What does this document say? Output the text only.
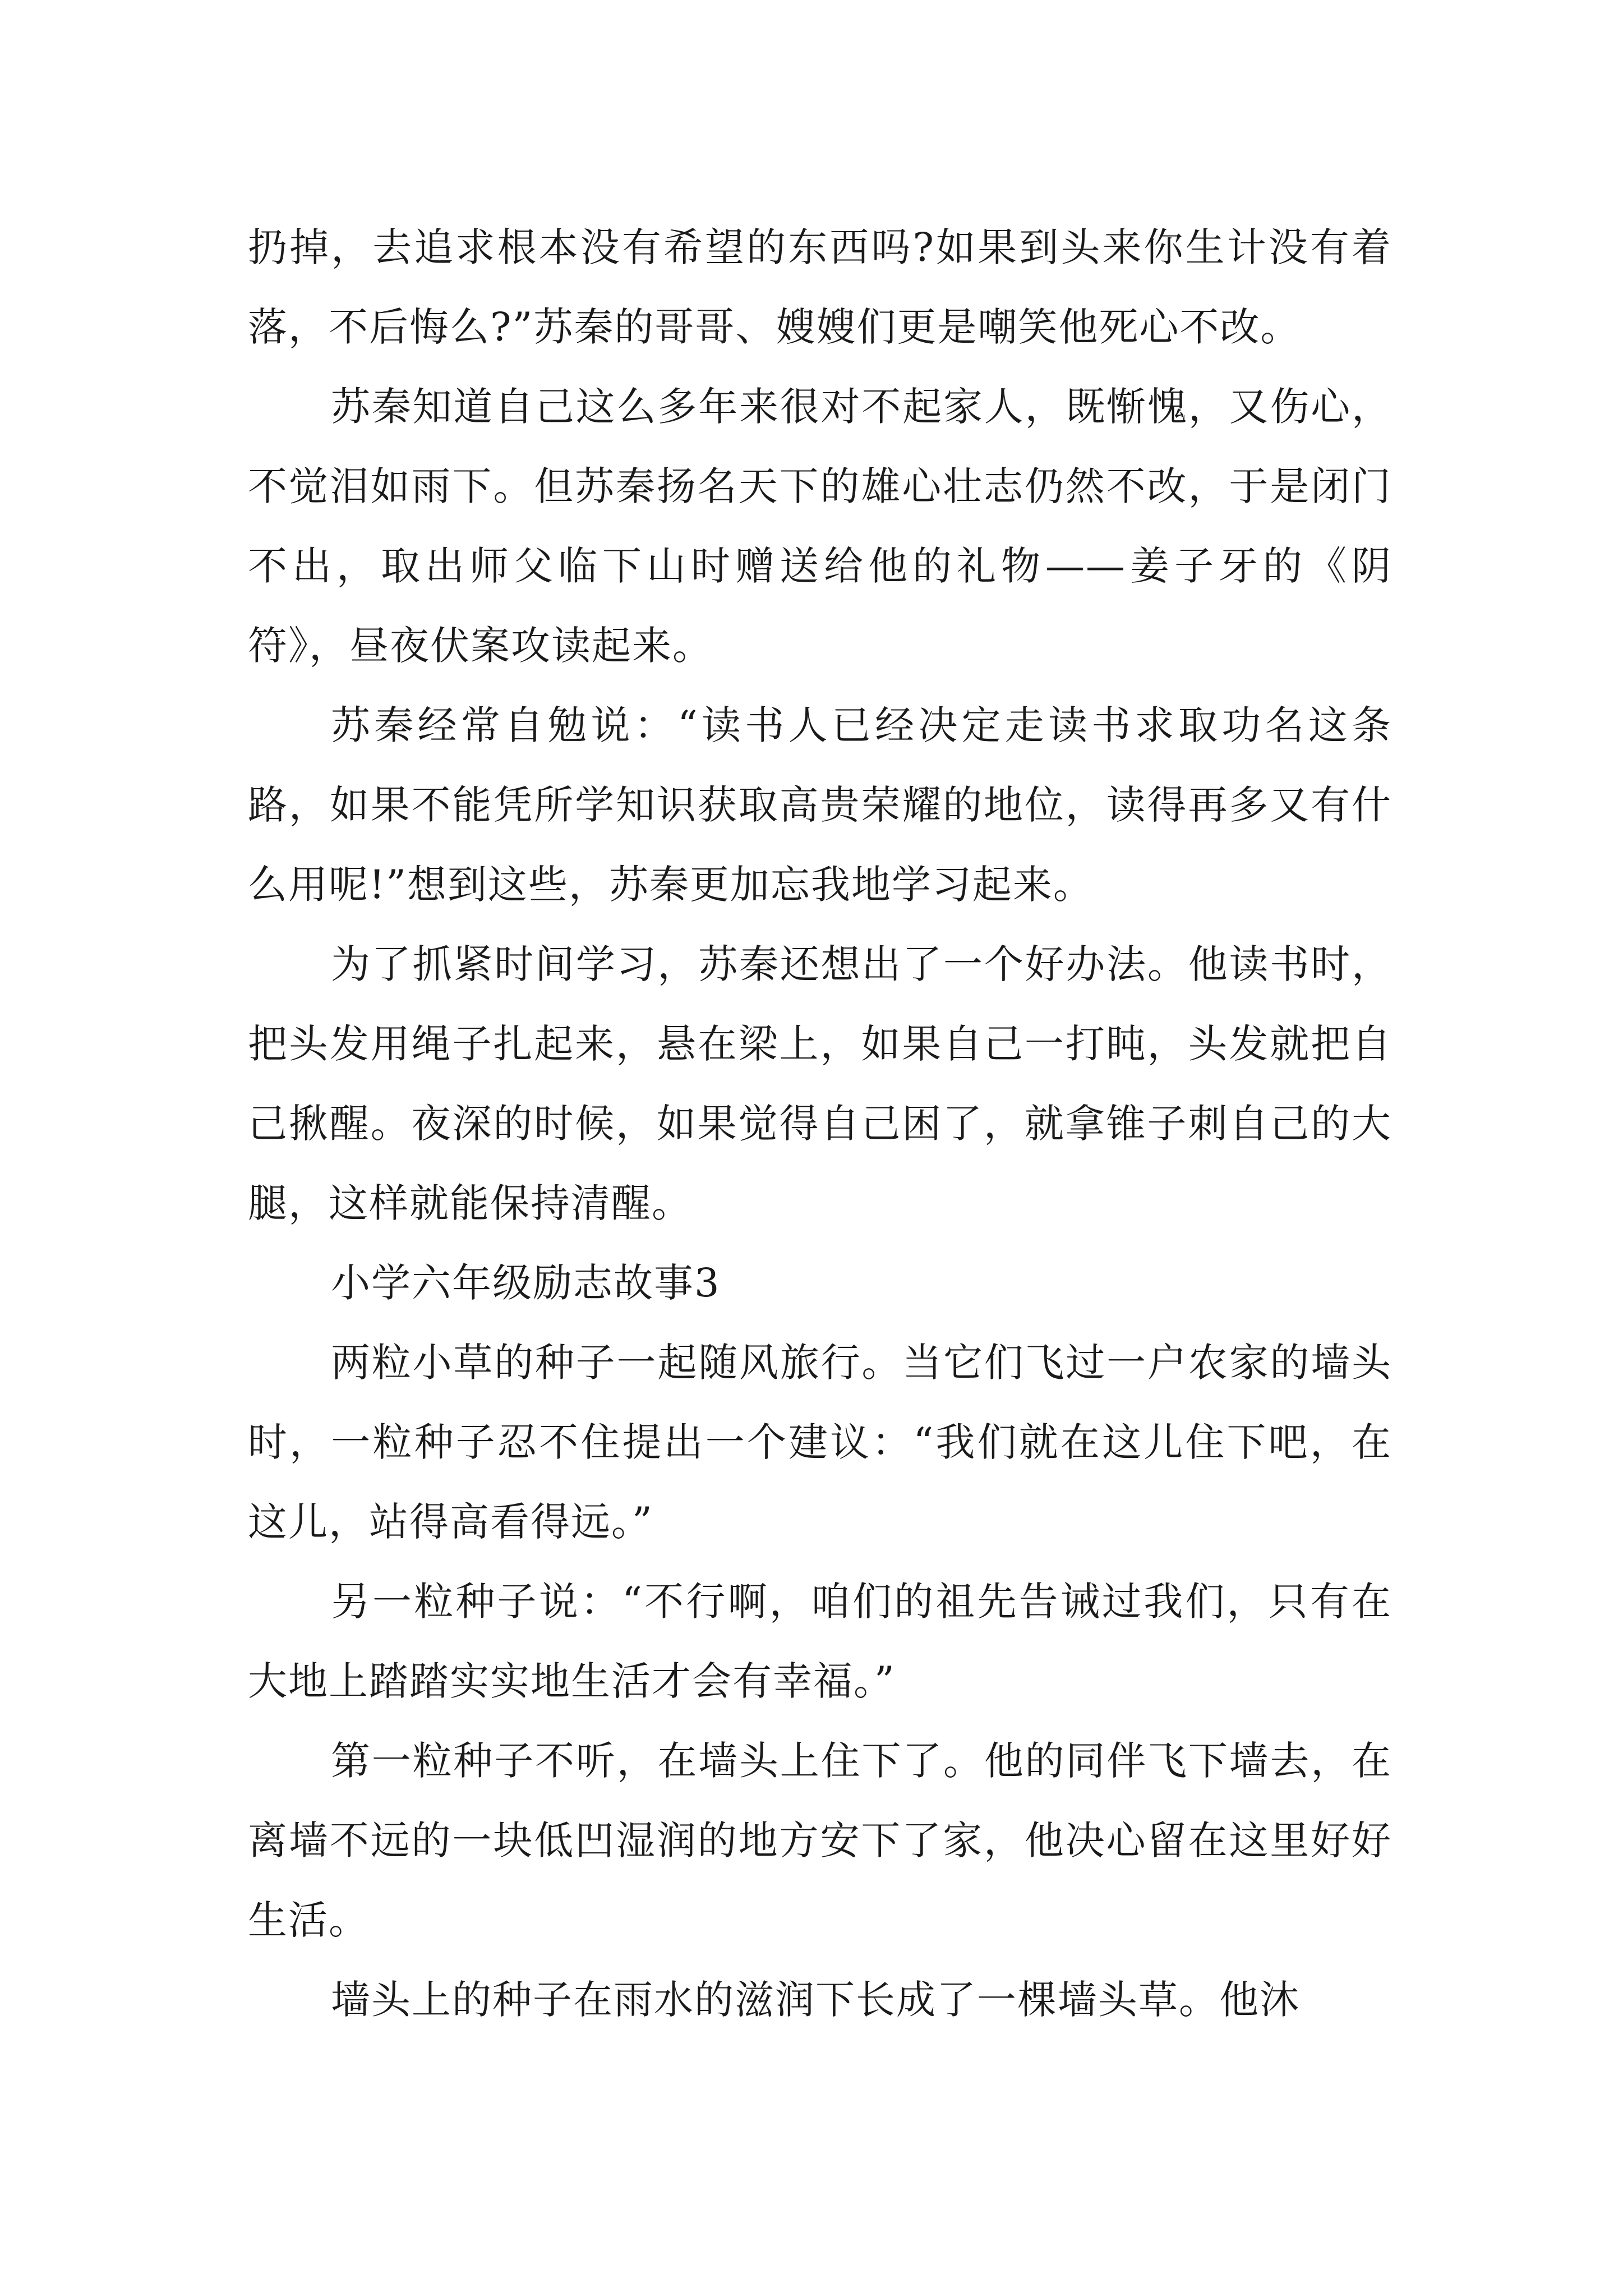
扔掉，去追求根本没有希望的东西吗?如果到头来你生计没有着落，不后悔么?”苏秦的哥哥、嫂嫂们更是嘲笑他死心不改。

苏秦知道自己这么多年来很对不起家人，既惭愧，又伤心，不觉泪如雨下。但苏秦扬名天下的雄心壮志仍然不改，于是闭门不出，取出师父临下山时赠送给他的礼物——姜子牙的《阴符》，昼夜伏案攻读起来。

苏秦经常自勉说：“读书人已经决定走读书求取功名这条路，如果不能凭所学知识获取高贵荣耀的地位，读得再多又有什么用呢!”想到这些，苏秦更加忘我地学习起来。

为了抓紧时间学习，苏秦还想出了一个好办法。他读书时，把头发用绳子扎起来，悬在梁上，如果自己一打盹，头发就把自己揪醒。夜深的时候，如果觉得自己困了，就拿锥子刺自己的大腿，这样就能保持清醒。

小学六年级励志故事3

两粒小草的种子一起随风旅行。当它们飞过一户农家的墙头时，一粒种子忍不住提出一个建议：“我们就在这儿住下吧，在这儿，站得高看得远。”

另一粒种子说：“不行啊，咱们的祖先告诫过我们，只有在大地上踏踏实实地生活才会有幸福。”

第一粒种子不听，在墙头上住下了。他的同伴飞下墙去，在离墙不远的一块低凹湿润的地方安下了家，他决心留在这里好好生活。

墙头上的种子在雨水的滋润下长成了一棵墙头草。他沐
